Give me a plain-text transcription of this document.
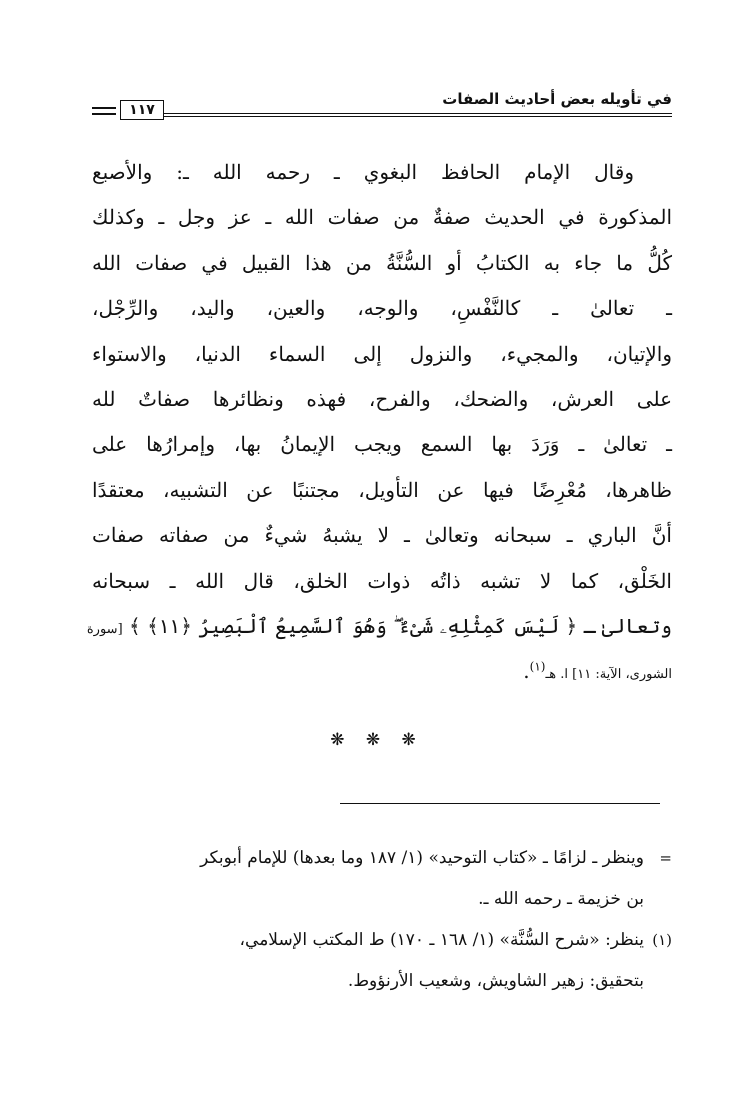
في تأويله بعض أحاديث الصفات
١١٧
وقال الإمام الحافظ البغوي ـ رحمه الله ـ: والأصبع
المذكورة في الحديث صفةٌ من صفات الله ـ عز وجل ـ وكذلك
كُلُّ ما جاء به الكتابُ أو السُّنَّةُ من هذا القبيل في صفات الله
ـ تعالىٰ ـ كالنَّفْسِ، والوجه، والعين، واليد، والرِّجْل،
والإتيان، والمجيء، والنزول إلى السماء الدنيا، والاستواء
على العرش، والضحك، والفرح، فهذه ونظائرها صفاتٌ لله
ـ تعالىٰ ـ وَرَدَ بها السمع ويجب الإيمانُ بها، وإمرارُها على
ظاهرها، مُعْرِضًا فيها عن التأويل، مجتنبًا عن التشبيه، معتقدًا
أنَّ الباري ـ سبحانه وتعالىٰ ـ لا يشبهُ شيءٌ من صفاته صفات
الخَلْق، كما لا تشبه ذاتُه ذوات الخلق، قال الله ـ سبحانه
وتعالىٰ ـ ﴿ لَيْسَ كَمِثْلِهِۦ شَىْءٌ ۖ وَهُوَ ٱلسَّمِيعُ ٱلْبَصِيرُ ﴿١١﴾ ﴾ [سورة
الشورى، الآية: ١١] ا. هـ$^{(١)}$.
❋ ❋ ❋
=
وينظر ـ لزامًا ـ «كتاب التوحيد» (١/ ١٨٧ وما بعدها) للإمام أبوبكر
بن خزيمة ـ رحمه الله ـ.
(١)
ينظر: «شرح السُّنَّة» (١/ ١٦٨ ـ ١٧٠) ط المكتب الإسلامي،
بتحقيق: زهير الشاويش، وشعيب الأرنؤوط.
